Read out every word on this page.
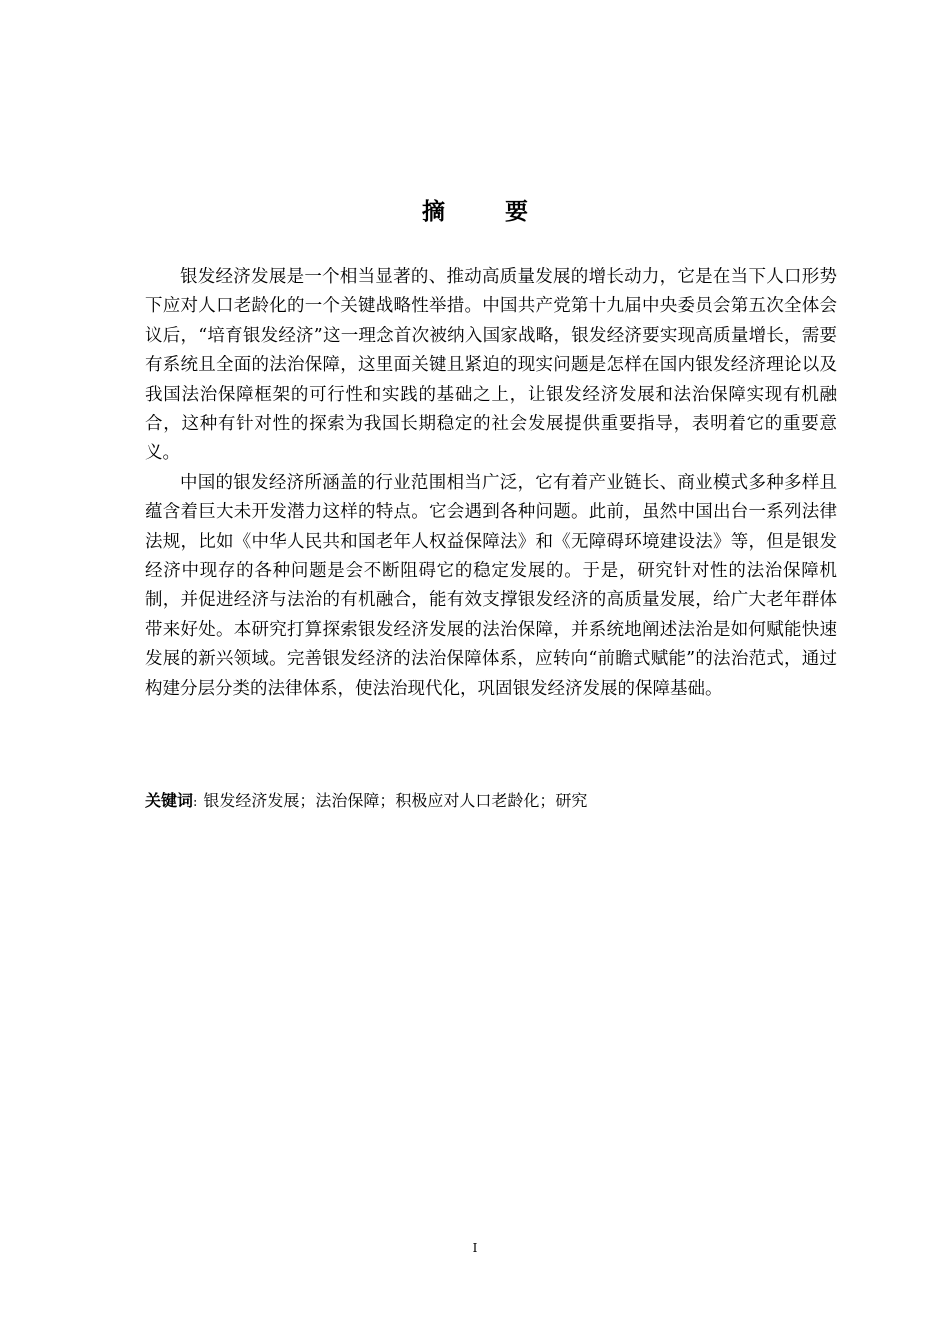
摘 要

银发经济发展是一个相当显著的、推动高质量发展的增长动力，它是在当下人口形势下应对人口老龄化的一个关键战略性举措。中国共产党第十九届中央委员会第五次全体会议后，“培育银发经济”这一理念首次被纳入国家战略，银发经济要实现高质量增长，需要有系统且全面的法治保障，这里面关键且紧迫的现实问题是怎样在国内银发经济理论以及我国法治保障框架的可行性和实践的基础之上，让银发经济发展和法治保障实现有机融合，这种有针对性的探索为我国长期稳定的社会发展提供重要指导，表明着它的重要意义。

中国的银发经济所涵盖的行业范围相当广泛，它有着产业链长、商业模式多种多样且蕴含着巨大未开发潜力这样的特点。它会遇到各种问题。此前，虽然中国出台一系列法律法规，比如《中华人民共和国老年人权益保障法》和《无障碍环境建设法》等，但是银发经济中现存的各种问题是会不断阻碍它的稳定发展的。于是，研究针对性的法治保障机制，并促进经济与法治的有机融合，能有效支撑银发经济的高质量发展，给广大老年群体带来好处。本研究打算探索银发经济发展的法治保障，并系统地阐述法治是如何赋能快速发展的新兴领域。完善银发经济的法治保障体系，应转向“前瞻式赋能”的法治范式，通过构建分层分类的法律体系，使法治现代化，巩固银发经济发展的保障基础。

关键词: 银发经济发展；法治保障；积极应对人口老龄化；研究
I
